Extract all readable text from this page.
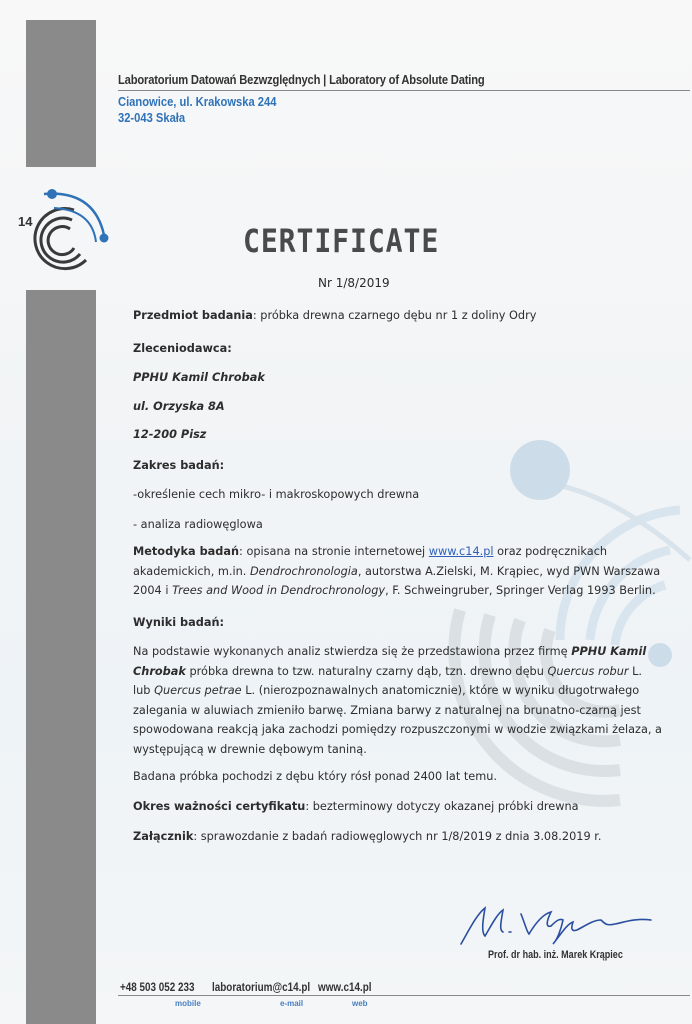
14
Laboratorium Datowań Bezwzględnych | Laboratory of Absolute Dating
Cianowice, ul. Krakowska 244
32-043 Skała
CERTIFICATE
Nr 1/8/2019

Przedmiot badania: próbka drewna czarnego dębu nr 1 z doliny Odry

Zleceniodawca:

PPHU Kamil Chrobak

ul. Orzyska 8A

12-200 Pisz

Zakres badań:

-określenie cech mikro- i makroskopowych drewna

- analiza radiowęglowa

Metodyka badań: opisana na stronie internetowej www.c14.pl oraz podręcznikach akademickich, m.in. Dendrochronologia, autorstwa A.Zielski, M. Krąpiec, wyd PWN Warszawa 2004 i Trees and Wood in Dendrochronology, F. Schweingruber, Springer Verlag 1993 Berlin.

Wyniki badań:

Na podstawie wykonanych analiz stwierdza się że przedstawiona przez firmę PPHU Kamil Chrobak próbka drewna to tzw. naturalny czarny dąb, tzn. drewno dębu Quercus robur L. lub Quercus petrae L. (nierozpoznawalnych anatomicznie), które w wyniku długotrwałego zalegania w aluwiach zmieniło barwę. Zmiana barwy z naturalnej na brunatno-czarną jest spowodowana reakcją jaka zachodzi pomiędzy rozpuszczonymi w wodzie związkami żelaza, a występującą w drewnie dębowym taniną.

Badana próbka pochodzi z dębu który rósł ponad 2400 lat temu.

Okres ważności certyfikatu: bezterminowy dotyczy okazanej próbki drewna

Załącznik: sprawozdanie z badań radiowęglowych nr 1/8/2019 z dnia 3.08.2019 r.

Prof. dr hab. inż. Marek Krąpiec
+48 503 052 233 laboratorium@c14.pl www.c14.pl
mobile	e-mail	web
